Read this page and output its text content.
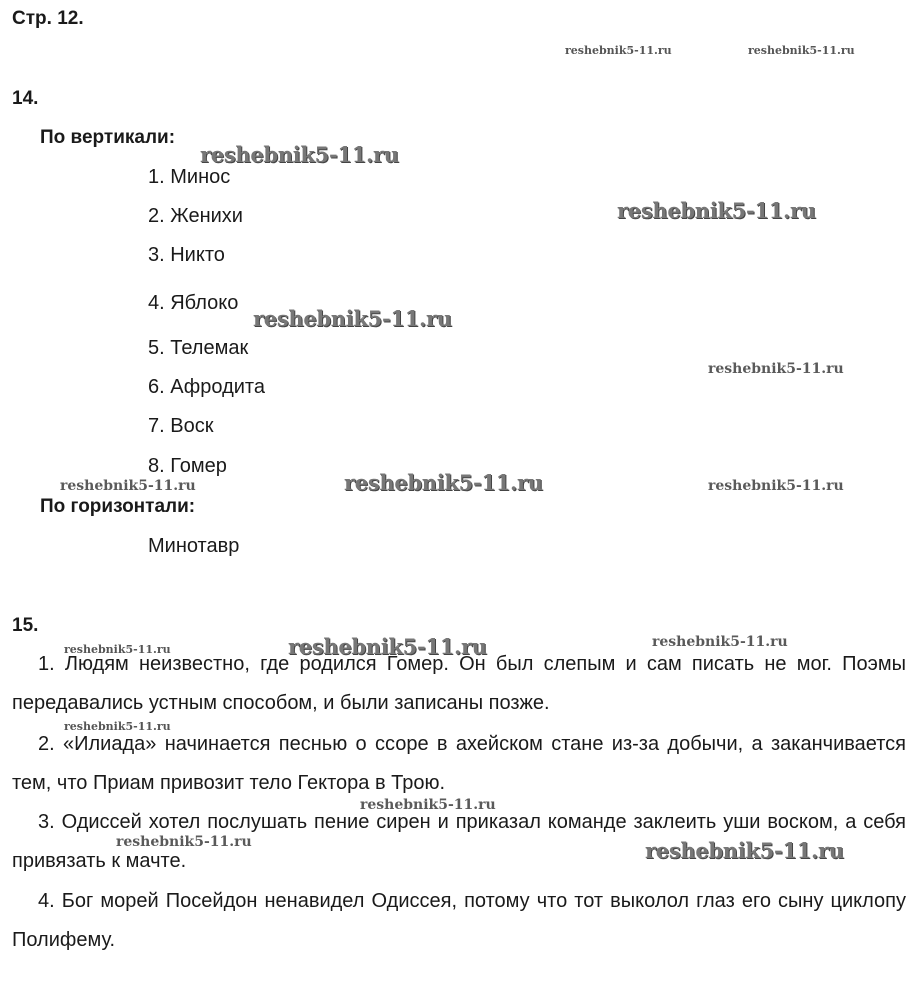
Стр. 12.
14.
По вертикали:
1. Минос
2. Женихи
3. Никто
4. Яблоко
5. Телемак
6. Афродита
7. Воск
8. Гомер
По горизонтали:
Минотавр
15.
1. Людям неизвестно, где родился Гомер. Он был слепым и сам писать не мог. Поэмы передавались устным способом, и были записаны позже.
2. «Илиада» начинается песнью о ссоре в ахейском стане из-за добычи, а заканчивается тем, что Приам привозит тело Гектора в Трою.
3. Одиссей хотел послушать пение сирен и приказал команде заклеить уши воском, а себя привязать к мачте.
4. Бог морей Посейдон ненавидел Одиссея, потому что тот выколол глаз его сыну циклопу Полифему.
reshebnik5-11.ru	reshebnik5-11.ru
reshebnik5-11.ru
reshebnik5-11.ru
reshebnik5-11.ru
reshebnik5-11.ru
reshebnik5-11.ru	reshebnik5-11.ru	reshebnik5-11.ru
reshebnik5-11.ru	reshebnik5-11.ru	reshebnik5-11.ru
reshebnik5-11.ru
reshebnik5-11.ru
reshebnik5-11.ru	reshebnik5-11.ru
